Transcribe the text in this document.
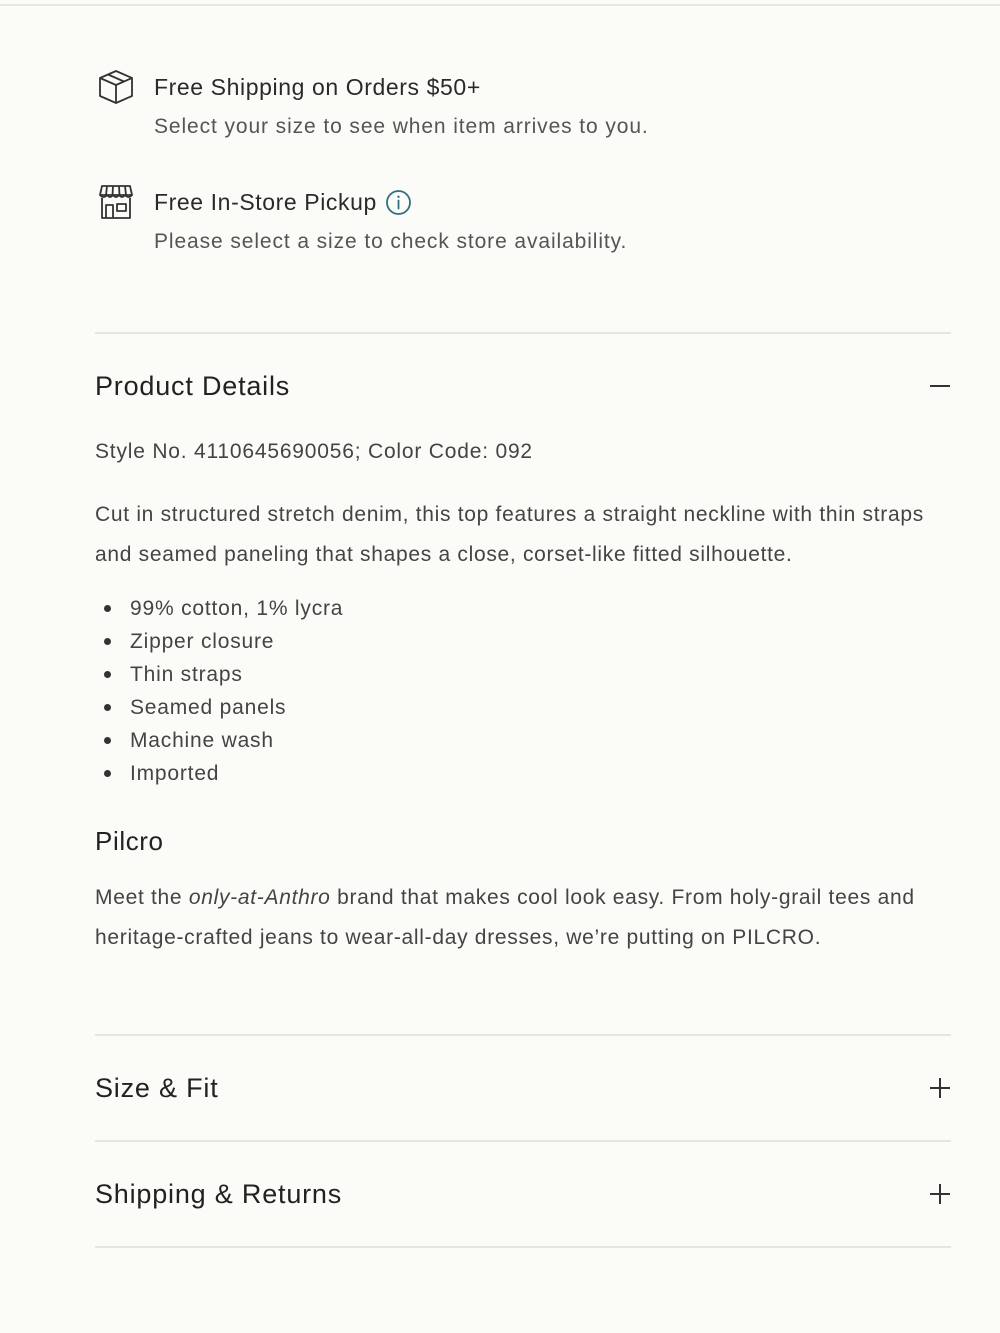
Free Shipping on Orders $50+
Select your size to see when item arrives to you.
Free In-Store Pickup
Please select a size to check store availability.
Product Details
Style No. 4110645690056; Color Code: 092
Cut in structured stretch denim, this top features a straight neckline with thin straps and seamed paneling that shapes a close, corset-like fitted silhouette.
99% cotton, 1% lycra
Zipper closure
Thin straps
Seamed panels
Machine wash
Imported
Pilcro
Meet the only-at-Anthro brand that makes cool look easy. From holy-grail tees and heritage-crafted jeans to wear-all-day dresses, we’re putting on PILCRO.
Size & Fit
Shipping & Returns
